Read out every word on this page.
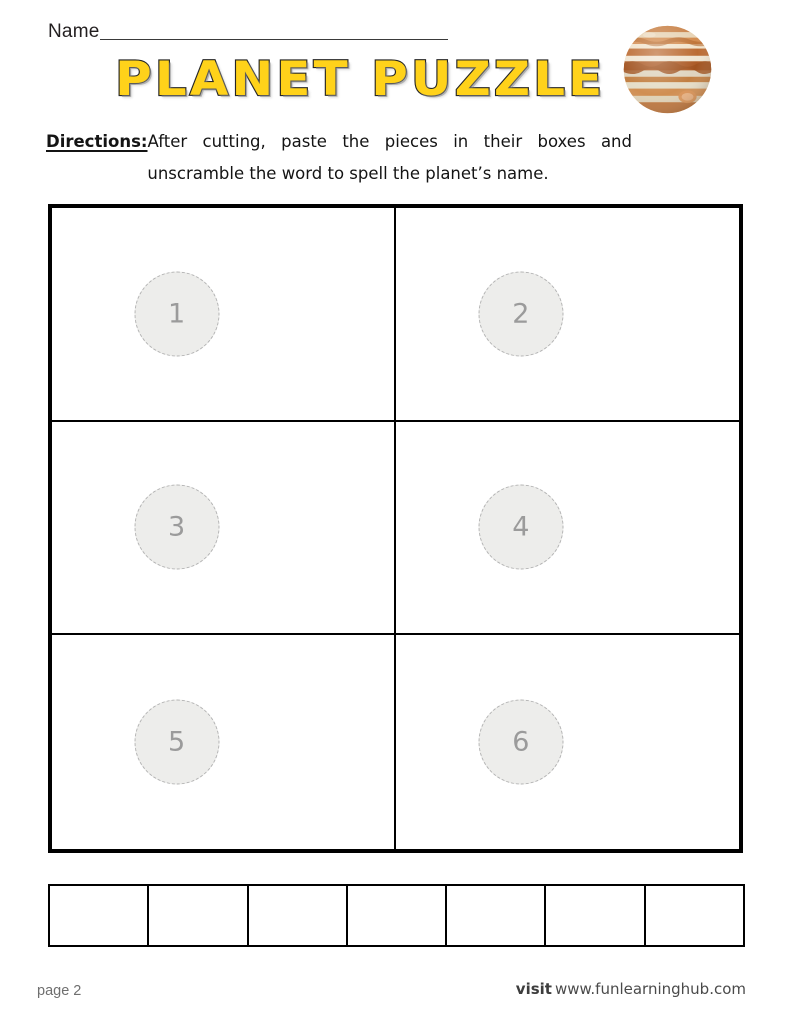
Name
PLANET PUZZLE
Directions:After cutting, paste the pieces in their boxes and
unscramble the word to spell the planet’s name.
1	2
3	4
5	6
page 2	visit www.funlearninghub.com
